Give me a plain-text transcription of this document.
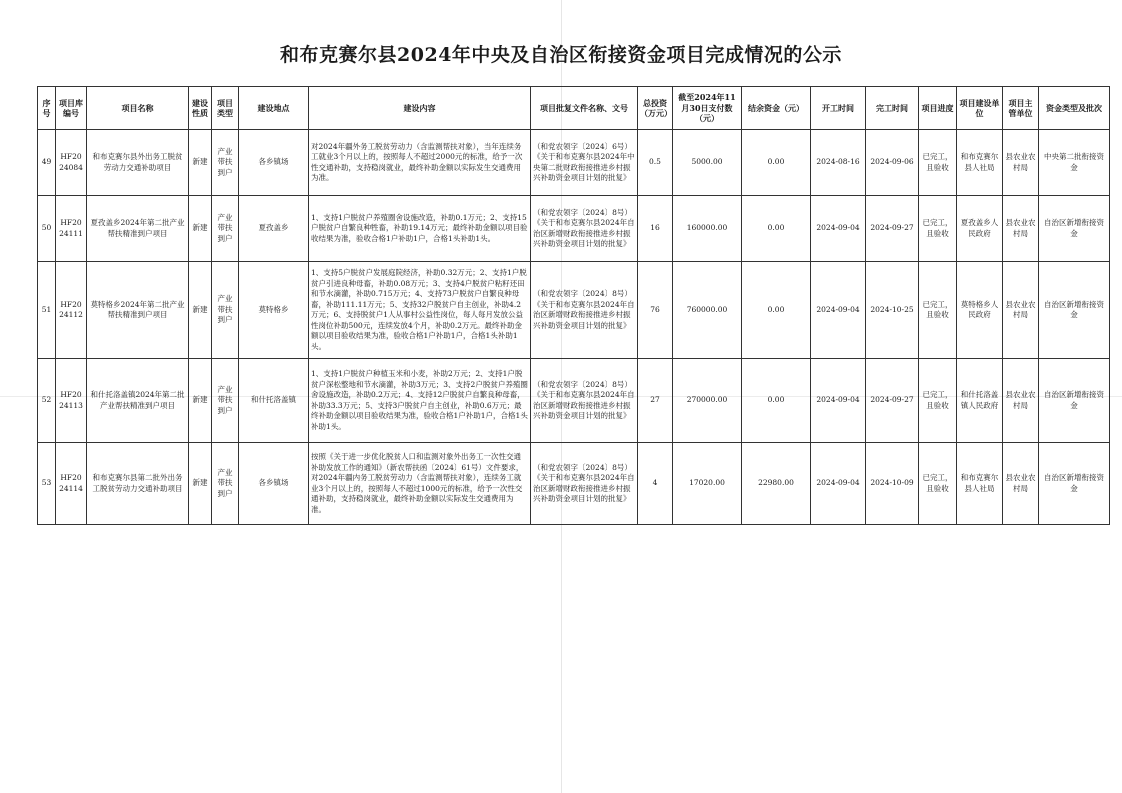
和布克赛尔县2024年中央及自治区衔接资金项目完成情况的公示
序号	项目库编号	项目名称	建设性质	项目类型	建设地点	建设内容	项目批复文件名称、文号	总投资（万元）	截至2024年11月30日支付数（元）	结余资金（元）	开工时间	完工时间	项目进度	项目建设单位	项目主管单位	资金类型及批次
49	HF2024084	和布克赛尔县外出务工脱贫劳动力交通补助项目	新建	产业带扶到户	各乡镇场	对2024年疆外务工脱贫劳动力（含监测帮扶对象），当年连续务工就业3个月以上的，按照每人不超过2000元的标准，给予一次性交通补助，支持稳岗就业，最终补助金额以实际发生交通费用为准。	（和党农领字〔2024〕6号）《关于和布克赛尔县2024年中央第二批财政衔接推进乡村振兴补助资金项目计划的批复》	0.5	5000.00	0.00	2024-08-16	2024-09-06	已完工，且验收	和布克赛尔县人社局	县农业农村局	中央第二批衔接资金
50	HF2024111	夏孜盖乡2024年第二批产业帮扶精准到户项目	新建	产业带扶到户	夏孜盖乡	1、支持1户脱贫户养殖圈舍设施改造，补助0.1万元；2、支持15户脱贫户自繁良种牲畜，补助19.14万元；最终补助金额以项目验收结果为准，验收合格1户补助1户，合格1头补助1头。	（和党农领字〔2024〕8号）《关于和布克赛尔县2024年自治区新增财政衔接推进乡村振兴补助资金项目计划的批复》	16	160000.00	0.00	2024-09-04	2024-09-27	已完工，且验收	夏孜盖乡人民政府	县农业农村局	自治区新增衔接资金
51	HF2024112	莫特格乡2024年第二批产业帮扶精准到户项目	新建	产业带扶到户	莫特格乡	1、支持5户脱贫户发展庭院经济，补助0.32万元；2、支持1户脱贫户引进良种母畜，补助0.08万元；3、支持4户脱贫户粘籽还田和节水滴灌，补助0.715万元；4、支持73户脱贫户自繁良种母畜，补助111.11万元；5、支持32户脱贫户自主创业，补助4.2万元；6、支持脱贫户1人从事村公益性岗位，每人每月发放公益性岗位补助500元，连续发放4个月，补助0.2万元。最终补助金额以项目验收结果为准，验收合格1户补助1户，合格1头补助1头。	（和党农领字〔2024〕8号）《关于和布克赛尔县2024年自治区新增财政衔接推进乡村振兴补助资金项目计划的批复》	76	760000.00	0.00	2024-09-04	2024-10-25	已完工，且验收	莫特格乡人民政府	县农业农村局	自治区新增衔接资金
52	HF2024113	和什托洛盖镇2024年第二批产业帮扶精准到户项目	新建	产业带扶到户	和什托洛盖镇	1、支持1户脱贫户种植玉米和小麦，补助2万元；2、支持1户脱贫户深松整地和节水滴灌，补助3万元；3、支持2户脱贫户养殖圈舍设施改造，补助0.2万元；4、支持12户脱贫户自繁良种母畜，补助33.3万元；5、支持3户脱贫户自主创业，补助0.6万元；最终补助金额以项目验收结果为准，验收合格1户补助1户，合格1头补助1头。	（和党农领字〔2024〕8号）《关于和布克赛尔县2024年自治区新增财政衔接推进乡村振兴补助资金项目计划的批复》	27	270000.00	0.00	2024-09-04	2024-09-27	已完工，且验收	和什托洛盖镇人民政府	县农业农村局	自治区新增衔接资金
53	HF2024114	和布克赛尔县第二批外出务工脱贫劳动力交通补助项目	新建	产业带扶到户	各乡镇场	按照《关于进一步优化脱贫人口和监测对象外出务工一次性交通补助发放工作的通知》（新农帮扶函〔2024〕61号）文件要求，对2024年疆内务工脱贫劳动力（含监测帮扶对象），连续务工就业3个月以上的，按照每人不超过1000元的标准，给予一次性交通补助，支持稳岗就业，最终补助金额以实际发生交通费用为准。	（和党农领字〔2024〕8号）《关于和布克赛尔县2024年自治区新增财政衔接推进乡村振兴补助资金项目计划的批复》	4	17020.00	22980.00	2024-09-04	2024-10-09	已完工，且验收	和布克赛尔县人社局	县农业农村局	自治区新增衔接资金
